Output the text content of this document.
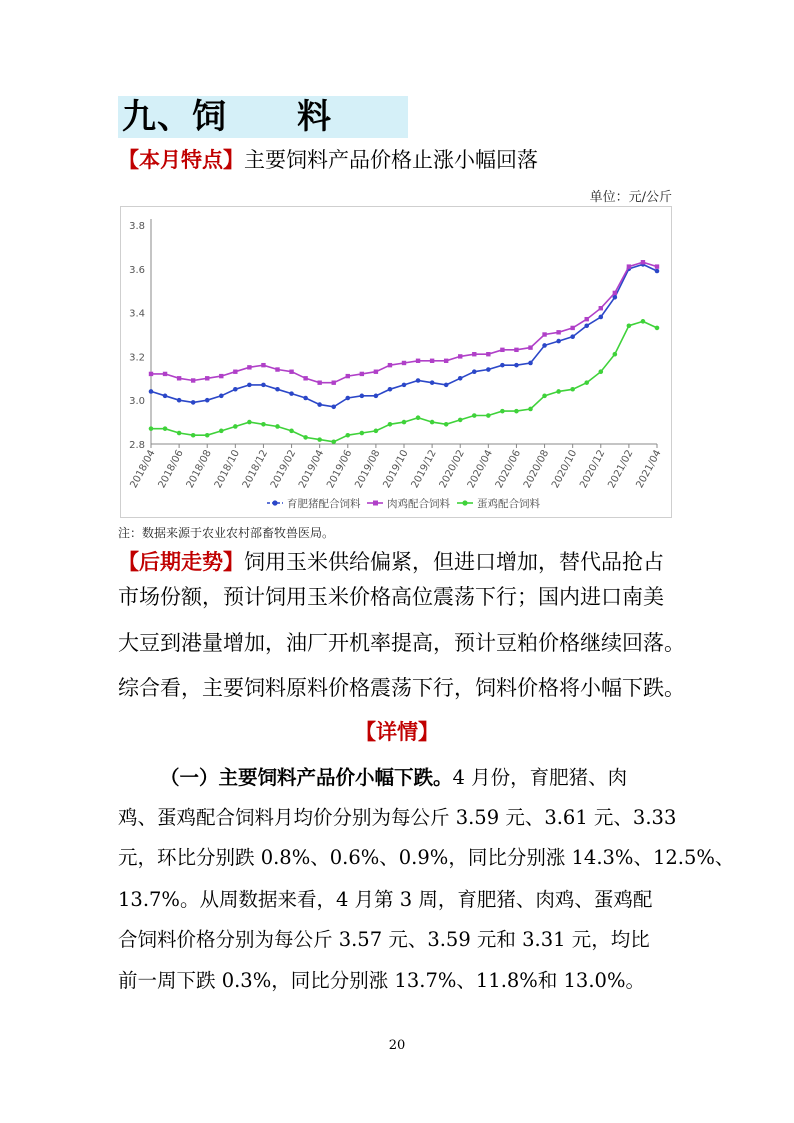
九、饲　　料
【本月特点】主要饲料产品价格止涨小幅回落
单位：元/公斤
2.8
3.0
3.2
3.4
3.6
3.8
2018/04
2018/06
2018/08
2018/10
2018/12
2019/02
2019/04
2019/06
2019/08
2019/10
2019/12
2020/02
2020/04
2020/06
2020/08
2020/10
2020/12
2021/02
2021/04
育肥猪配合饲料	肉鸡配合饲料	蛋鸡配合饲料
注：数据来源于农业农村部畜牧兽医局。
【后期走势】饲用玉米供给偏紧，但进口增加，替代品抢占
市场份额，预计饲用玉米价格高位震荡下行；国内进口南美
大豆到港量增加，油厂开机率提高，预计豆粕价格继续回落。
综合看，主要饲料原料价格震荡下行，饲料价格将小幅下跌。
【详情】
（一）主要饲料产品价小幅下跌。4 月份，育肥猪、肉
鸡、蛋鸡配合饲料月均价分别为每公斤 3.59 元、3.61 元、3.33
元，环比分别跌 0.8%、0.6%、0.9%，同比分别涨 14.3%、12.5%、
13.7%。从周数据来看，4 月第 3 周，育肥猪、肉鸡、蛋鸡配
合饲料价格分别为每公斤 3.57 元、3.59 元和 3.31 元，均比
前一周下跌 0.3%，同比分别涨 13.7%、11.8%和 13.0%。
20
